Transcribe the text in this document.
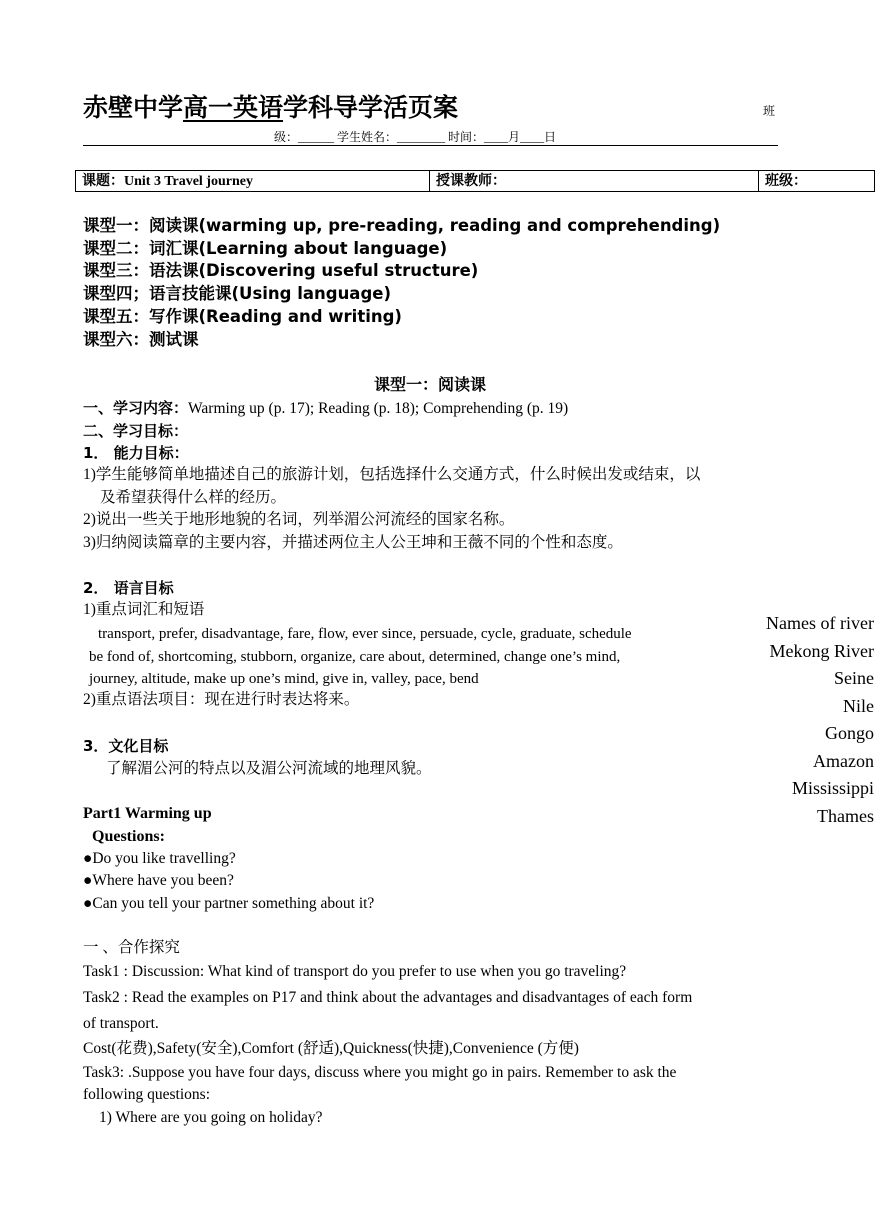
赤壁中学高一英语学科导学活页案	班
级：______ 学生姓名：________ 时间：____月____日
课题：Unit 3 Travel journey	授课教师：	班级：
课型一：阅读课(warming up, pre-reading, reading and comprehending)
课型二：词汇课(Learning about language)
课型三：语法课(Discovering useful structure)
课型四；语言技能课(Using language)
课型五：写作课(Reading and writing)
课型六：测试课
课型一：阅读课
一、学习内容：Warming up (p. 17); Reading (p. 18); Comprehending (p. 19)
二、学习目标：
1． 能力目标：
1)学生能够简单地描述自己的旅游计划，包括选择什么交通方式，什么时候出发或结束，以
及希望获得什么样的经历。
2)说出一些关于地形地貌的名词，列举湄公河流经的国家名称。
3)归纳阅读篇章的主要内容，并描述两位主人公王坤和王薇不同的个性和态度。
2． 语言目标
1)重点词汇和短语
transport, prefer, disadvantage, fare, flow, ever since, persuade, cycle, graduate, schedule
be fond of, shortcoming, stubborn, organize, care about, determined, change one’s mind,
journey, altitude, make up one’s mind, give in, valley, pace, bend
2)重点语法项目：现在进行时表达将来。
3．文化目标
了解湄公河的特点以及湄公河流域的地理风貌。
Names of river
Mekong River
Seine
Nile
Gongo
Amazon
Mississippi
Thames
Part1 Warming up
Questions:
●Do you like travelling?
●Where have you been?
●Can you tell your partner something about it?
一 、合作探究
Task1 : Discussion: What kind of transport do you prefer to use when you go traveling?
Task2 : Read the examples on P17 and think about the advantages and disadvantages of each form
of transport.
Cost(花费),Safety(安全),Comfort (舒适),Quickness(快捷),Convenience (方便)
Task3: .Suppose you have four days, discuss where you might go in pairs. Remember to ask the
following questions:
1) Where are you going on holiday?
